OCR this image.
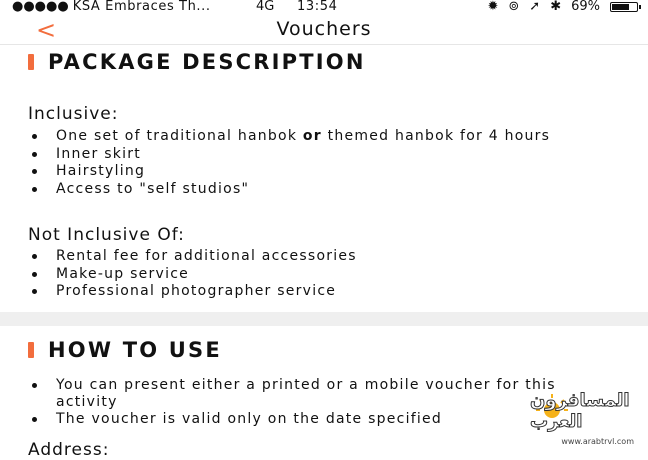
●●●●● KSA Embraces Th...	4G 13:54	✹ ⊚ ➚ ✱ 69%
<	Vouchers
PACKAGE DESCRIPTION
Inclusive:
One set of traditional hanbok or themed hanbok for 4 hours
Inner skirt
Hairstyling
Access to "self studios"
Not Inclusive Of:
Rental fee for additional accessories
Make-up service
Professional photographer service
HOW TO USE
You can present either a printed or a mobile voucher for this activity
The voucher is valid only on the date specified
Address:
المسافرون العرب
www.arabtrvl.com
